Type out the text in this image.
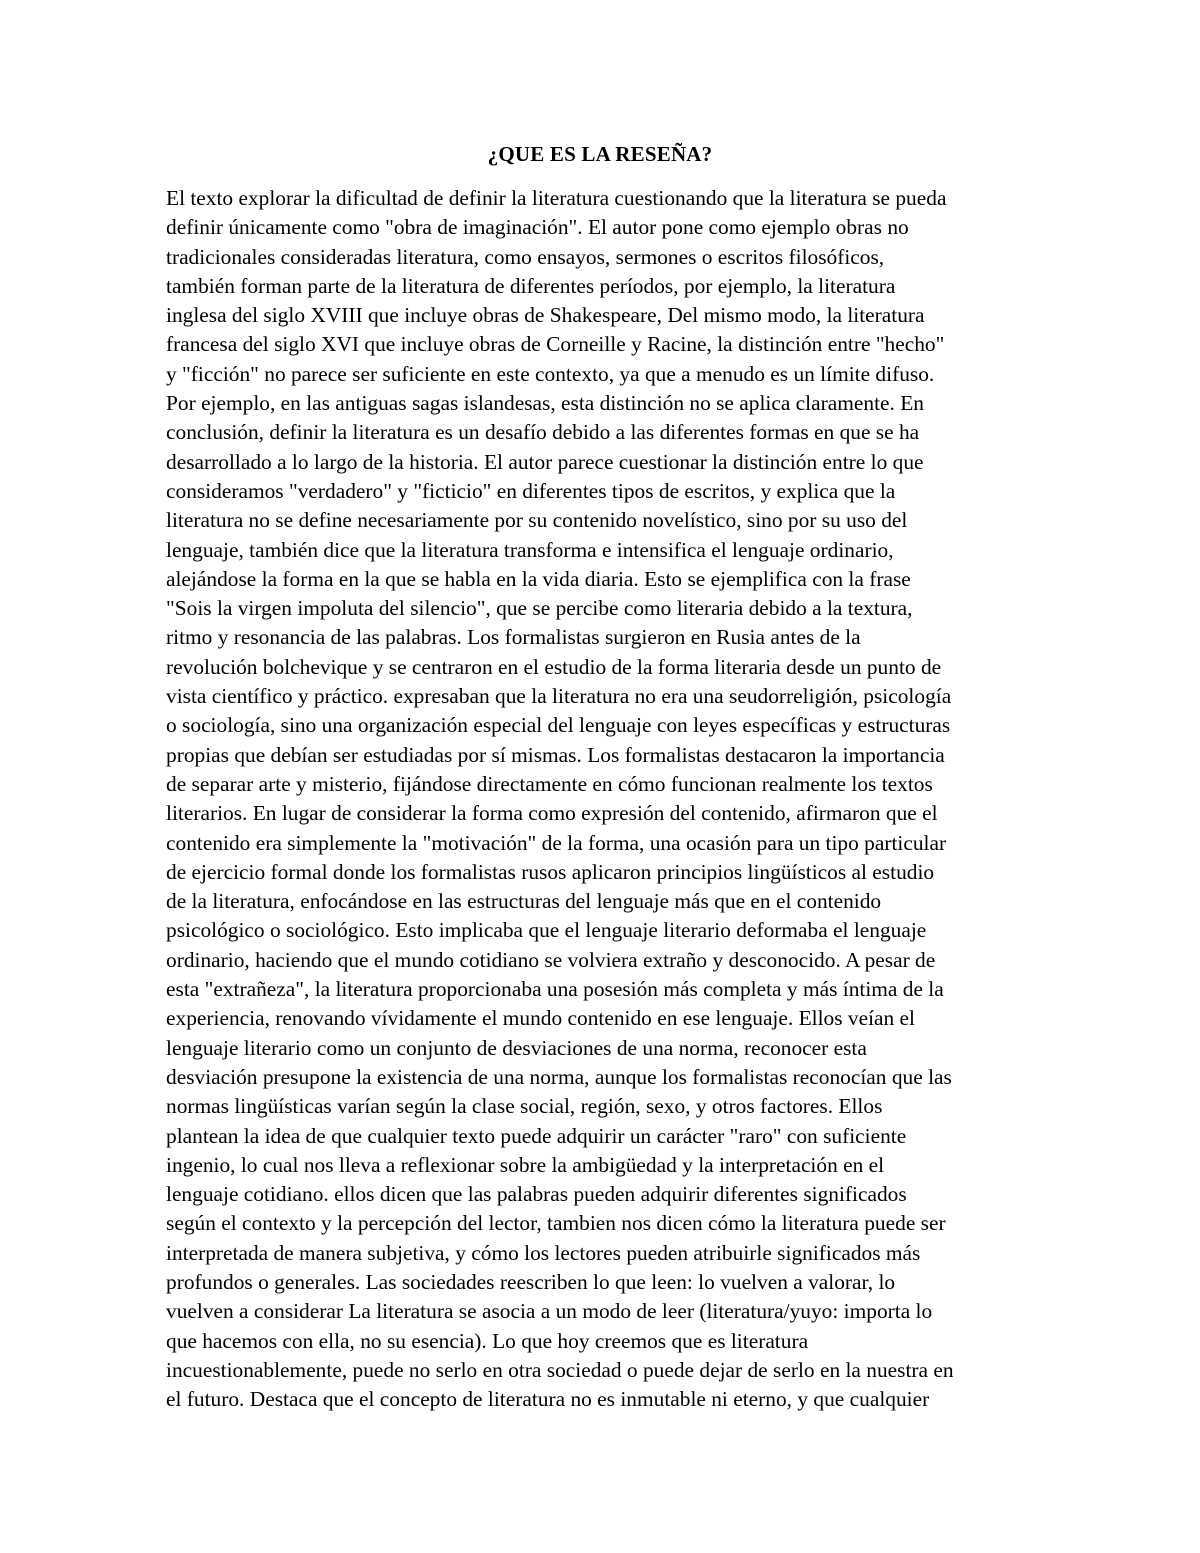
¿QUE ES LA RESEÑA?
El texto explorar la dificultad de definir la literatura cuestionando que la literatura se pueda
definir únicamente como "obra de imaginación". El autor pone como ejemplo obras no
tradicionales consideradas literatura, como ensayos, sermones o escritos filosóficos,
también forman parte de la literatura de diferentes períodos, por ejemplo, la literatura
inglesa del siglo XVIII que incluye obras de Shakespeare, Del mismo modo, la literatura
francesa del siglo XVI que incluye obras de Corneille y Racine, la distinción entre "hecho"
y "ficción" no parece ser suficiente en este contexto, ya que a menudo es un límite difuso.
Por ejemplo, en las antiguas sagas islandesas, esta distinción no se aplica claramente. En
conclusión, definir la literatura es un desafío debido a las diferentes formas en que se ha
desarrollado a lo largo de la historia. El autor parece cuestionar la distinción entre lo que
consideramos "verdadero" y "ficticio" en diferentes tipos de escritos, y explica que la
literatura no se define necesariamente por su contenido novelístico, sino por su uso del
lenguaje, también dice que la literatura transforma e intensifica el lenguaje ordinario,
alejándose la forma en la que se habla en la vida diaria. Esto se ejemplifica con la frase
"Sois la virgen impoluta del silencio", que se percibe como literaria debido a la textura,
ritmo y resonancia de las palabras. Los formalistas surgieron en Rusia antes de la
revolución bolchevique y se centraron en el estudio de la forma literaria desde un punto de
vista científico y práctico. expresaban que la literatura no era una seudorreligión, psicología
o sociología, sino una organización especial del lenguaje con leyes específicas y estructuras
propias que debían ser estudiadas por sí mismas. Los formalistas destacaron la importancia
de separar arte y misterio, fijándose directamente en cómo funcionan realmente los textos
literarios. En lugar de considerar la forma como expresión del contenido, afirmaron que el
contenido era simplemente la "motivación" de la forma, una ocasión para un tipo particular
de ejercicio formal donde los formalistas rusos aplicaron principios lingüísticos al estudio
de la literatura, enfocándose en las estructuras del lenguaje más que en el contenido
psicológico o sociológico. Esto implicaba que el lenguaje literario deformaba el lenguaje
ordinario, haciendo que el mundo cotidiano se volviera extraño y desconocido. A pesar de
esta "extrañeza", la literatura proporcionaba una posesión más completa y más íntima de la
experiencia, renovando vívidamente el mundo contenido en ese lenguaje. Ellos veían el
lenguaje literario como un conjunto de desviaciones de una norma, reconocer esta
desviación presupone la existencia de una norma, aunque los formalistas reconocían que las
normas lingüísticas varían según la clase social, región, sexo, y otros factores. Ellos
plantean la idea de que cualquier texto puede adquirir un carácter "raro" con suficiente
ingenio, lo cual nos lleva a reflexionar sobre la ambigüedad y la interpretación en el
lenguaje cotidiano. ellos dicen que las palabras pueden adquirir diferentes significados
según el contexto y la percepción del lector, tambien nos dicen cómo la literatura puede ser
interpretada de manera subjetiva, y cómo los lectores pueden atribuirle significados más
profundos o generales. Las sociedades reescriben lo que leen: lo vuelven a valorar, lo
vuelven a considerar La literatura se asocia a un modo de leer (literatura/yuyo: importa lo
que hacemos con ella, no su esencia). Lo que hoy creemos que es literatura
incuestionablemente, puede no serlo en otra sociedad o puede dejar de serlo en la nuestra en
el futuro. Destaca que el concepto de literatura no es inmutable ni eterno, y que cualquier
